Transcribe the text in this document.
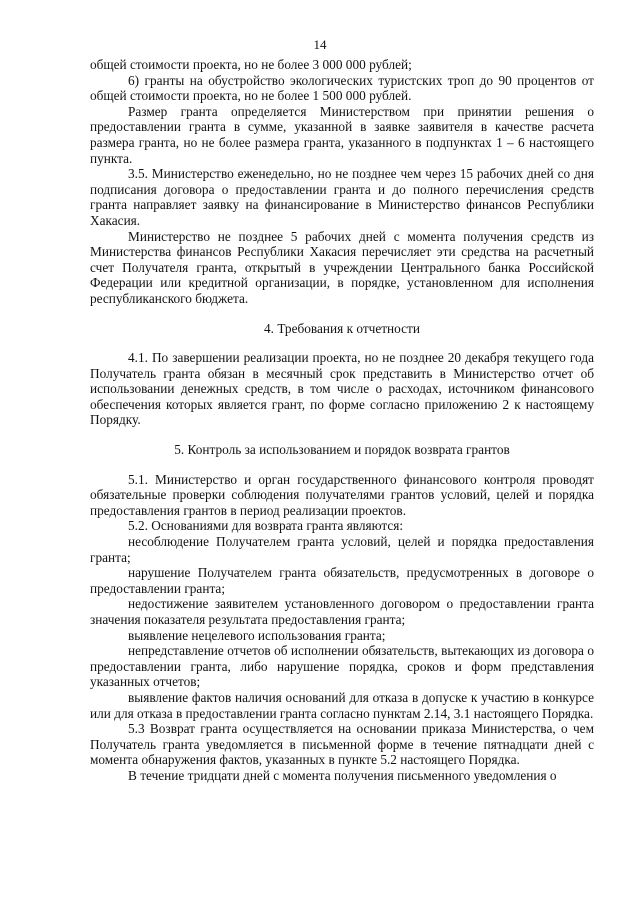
14

общей стоимости проекта, но не более 3 000 000 рублей;

6) гранты на обустройство экологических туристских троп до 90 процентов от общей стоимости проекта, но не более 1 500 000 рублей.

Размер гранта определяется Министерством при принятии решения о предоставлении гранта в сумме, указанной в заявке заявителя в качестве расчета размера гранта, но не более размера гранта, указанного в подпунктах 1 – 6 настоящего пункта.

3.5. Министерство еженедельно, но не позднее чем через 15 рабочих дней со дня подписания договора о предоставлении гранта и до полного перечисления средств гранта направляет заявку на финансирование в Министерство финансов Республики Хакасия.

Министерство не позднее 5 рабочих дней с момента получения средств из Министерства финансов Республики Хакасия перечисляет эти средства на расчетный счет Получателя гранта, открытый в учреждении Центрального банка Российской Федерации или кредитной организации, в порядке, установленном для исполнения республиканского бюджета.

4. Требования к отчетности

4.1. По завершении реализации проекта, но не позднее 20 декабря текущего года Получатель гранта обязан в месячный срок представить в Министерство отчет об использовании денежных средств, в том числе о расходах, источником финансового обеспечения которых является грант, по форме согласно приложению 2 к настоящему Порядку.

5. Контроль за использованием и порядок возврата грантов

5.1. Министерство и орган государственного финансового контроля проводят обязательные проверки соблюдения получателями грантов условий, целей и порядка предоставления грантов в период реализации проектов.

5.2. Основаниями для возврата гранта являются:

несоблюдение Получателем гранта условий, целей и порядка предоставления гранта;

нарушение Получателем гранта обязательств, предусмотренных в договоре о предоставлении гранта;

недостижение заявителем установленного договором о предоставлении гранта значения показателя результата предоставления гранта;

выявление нецелевого использования гранта;

непредставление отчетов об исполнении обязательств, вытекающих из договора о предоставлении гранта, либо нарушение порядка, сроков и форм представления указанных отчетов;

выявление фактов наличия оснований для отказа в допуске к участию в конкурсе или для отказа в предоставлении гранта согласно пунктам 2.14, 3.1 настоящего Порядка.

5.3 Возврат гранта осуществляется на основании приказа Министерства, о чем Получатель гранта уведомляется в письменной форме в течение пятнадцати дней с момента обнаружения фактов, указанных в пункте 5.2 настоящего Порядка.

В течение тридцати дней с момента получения письменного уведомления о
